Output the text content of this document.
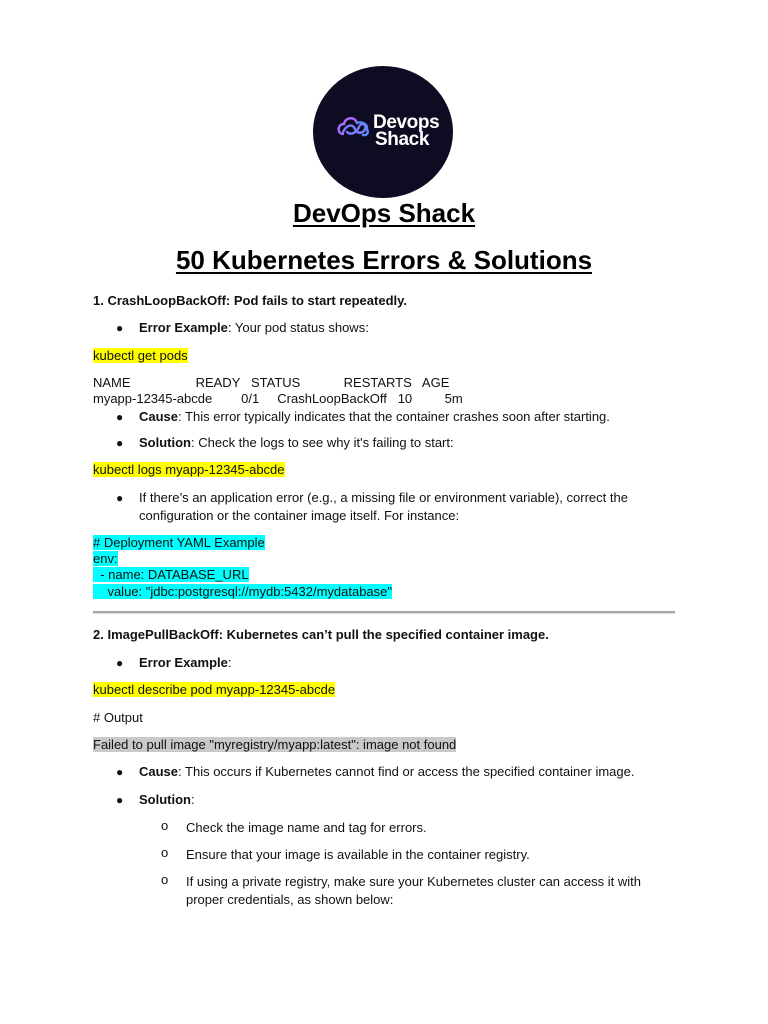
Devops
Shack
DevOps Shack
50 Kubernetes Errors & Solutions
1. CrashLoopBackOff: Pod fails to start repeatedly.
● Error Example: Your pod status shows:
kubectl get pods
NAME                  READY   STATUS            RESTARTS   AGE
myapp-12345-abcde        0/1     CrashLoopBackOff   10         5m
● Cause: This error typically indicates that the container crashes soon after starting.
● Solution: Check the logs to see why it's failing to start:
kubectl logs myapp-12345-abcde
● If there’s an application error (e.g., a missing file or environment variable), correct the
configuration or the container image itself. For instance:
# Deployment YAML Example
env:
- name: DATABASE_URL
value: "jdbc:postgresql://mydb:5432/mydatabase"
2. ImagePullBackOff: Kubernetes can’t pull the specified container image.
● Error Example:
kubectl describe pod myapp-12345-abcde
# Output
Failed to pull image "myregistry/myapp:latest": image not found
● Cause: This occurs if Kubernetes cannot find or access the specified container image.
● Solution:
o Check the image name and tag for errors.
o Ensure that your image is available in the container registry.
o If using a private registry, make sure your Kubernetes cluster can access it with
proper credentials, as shown below:
